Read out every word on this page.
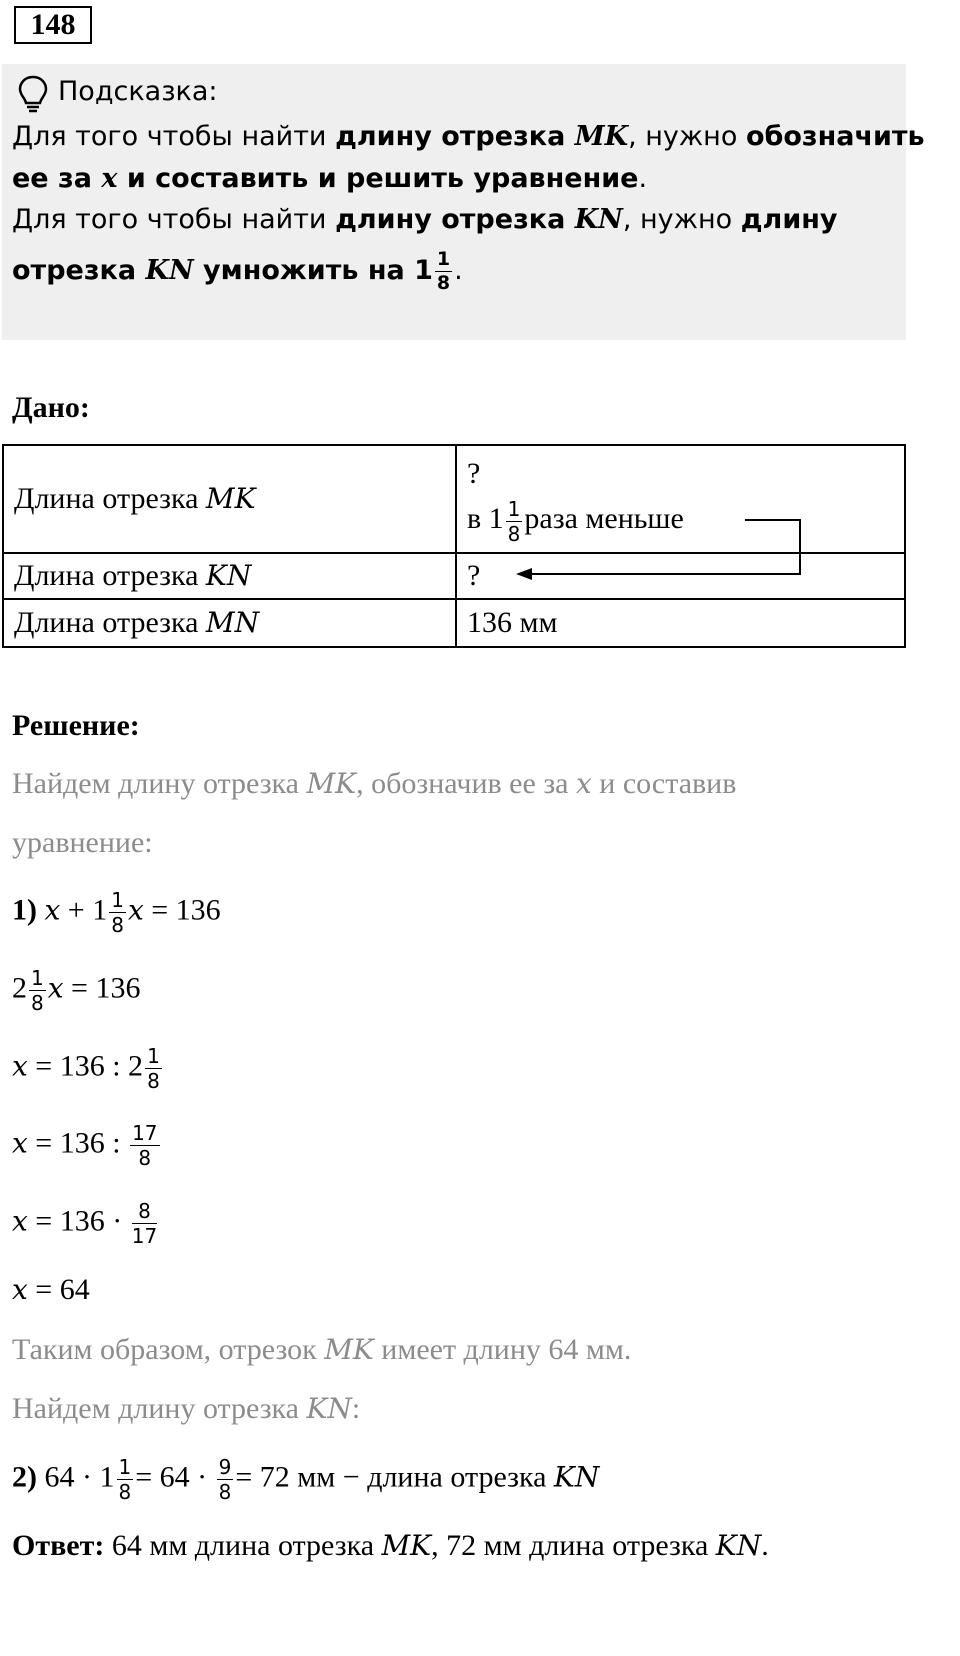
148
Подсказка:
Для того чтобы найти длину отрезка MK, нужно обозначить
ее за x и составить и решить уравнение.
Для того чтобы найти длину отрезка KN, нужно длину
отрезка KN умножить на $1 \frac{1}{8}$ .
Дано:
Длина отрезка MK	?
в $1 \frac{1}{8}$ раза меньше

Длина отрезка KN	?
Длина отрезка MN	136 мм
Решение:
Найдем длину отрезка MK, обозначив ее за x и составив
уравнение:
1) $x + 1 \frac{1}{8}$ x = 136
$2 \frac{1}{8}$ x = 136
x = 136 : $2 \frac{1}{8}$
x = 136 : $\frac{17}{8}$
$x = 136 \cdot \frac{8}{17}$
x = 64
Таким образом, отрезок MK имеет длину 64 мм.
Найдем длину отрезка KN:
2) $64 \cdot 1 \frac{1}{8} = 64 \cdot \frac{9}{8} = 72$ мм − длина отрезка KN
Ответ: 64 мм длина отрезка MK, 72 мм длина отрезка KN.
